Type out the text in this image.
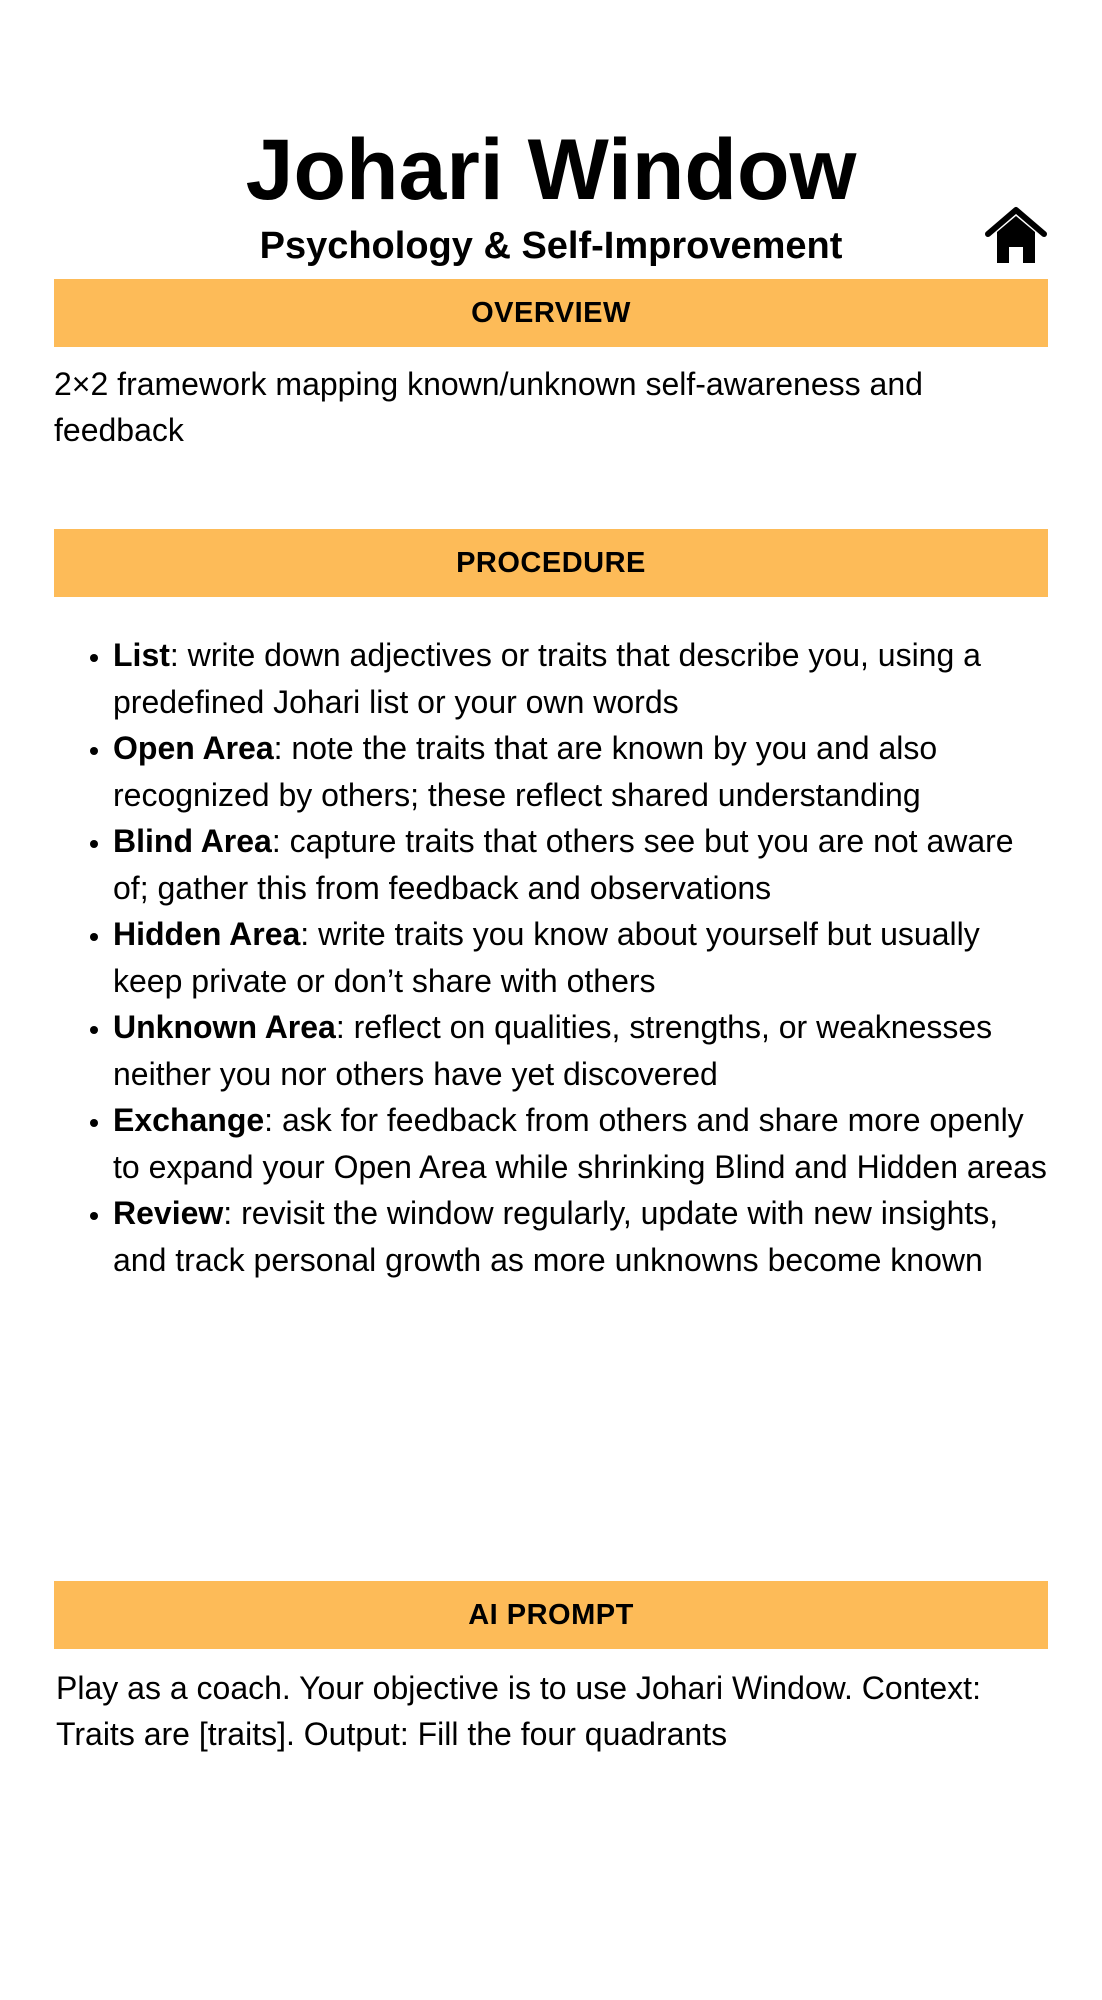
Johari Window
Psychology & Self-Improvement
OVERVIEW

2×2 framework mapping known/unknown self-awareness and feedback

PROCEDURE
• List: write down adjectives or traits that describe you, using a predefined Johari list or your own words
• Open Area: note the traits that are known by you and also recognized by others; these reflect shared understanding
• Blind Area: capture traits that others see but you are not aware of; gather this from feedback and observations
• Hidden Area: write traits you know about yourself but usually keep private or don’t share with others
• Unknown Area: reflect on qualities, strengths, or weaknesses neither you nor others have yet discovered
• Exchange: ask for feedback from others and share more openly to expand your Open Area while shrinking Blind and Hidden areas
• Review: revisit the window regularly, update with new insights, and track personal growth as more unknowns become known
AI PROMPT

Play as a coach. Your objective is to use Johari Window. Context: Traits are [traits]. Output: Fill the four quadrants
